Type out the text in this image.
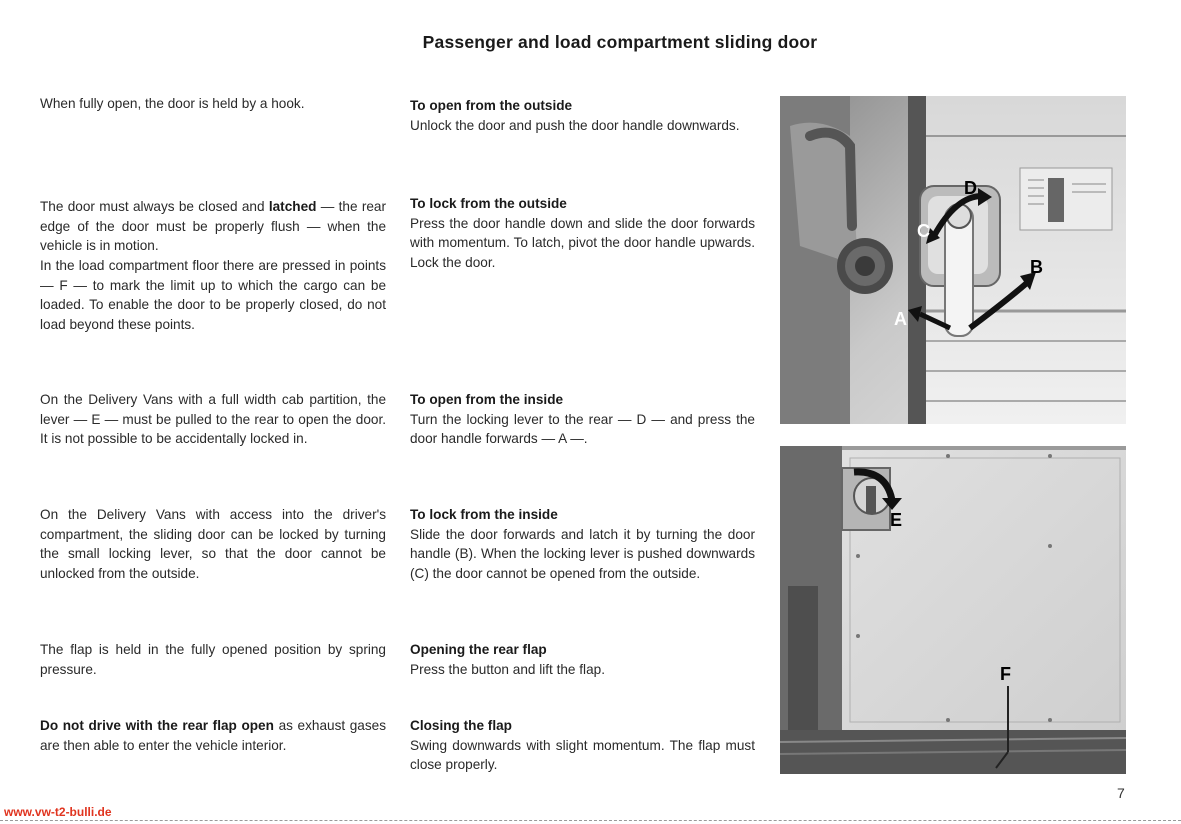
Passenger and load compartment sliding door
When fully open, the door is held by a hook.
The door must always be closed and latched — the rear edge of the door must be properly flush — when the vehicle is in motion.
In the load compartment floor there are pressed in points — F — to mark the limit up to which the cargo can be loaded. To enable the door to be properly closed, do not load beyond these points.
On the Delivery Vans with a full width cab partition, the lever — E — must be pulled to the rear to open the door. It is not possible to be accidentally locked in.
On the Delivery Vans with access into the driver's compartment, the sliding door can be locked by turning the small locking lever, so that the door cannot be unlocked from the outside.
The flap is held in the fully opened position by spring pressure.
Do not drive with the rear flap open as exhaust gases are then able to enter the vehicle interior.
To open from the outside
Unlock the door and push the door handle downwards.
To lock from the outside
Press the door handle down and slide the door forwards with momentum. To latch, pivot the door handle upwards. Lock the door.
To open from the inside
Turn the locking lever to the rear — D — and press the door handle forwards — A —.
To lock from the inside
Slide the door forwards and latch it by turning the door handle (B). When the locking lever is pushed downwards (C) the door cannot be opened from the outside.
Opening the rear flap
Press the button and lift the flap.
Closing the flap
Swing downwards with slight momentum. The flap must close properly.
C
D
B
A
E
F
7
www.vw-t2-bulli.de
